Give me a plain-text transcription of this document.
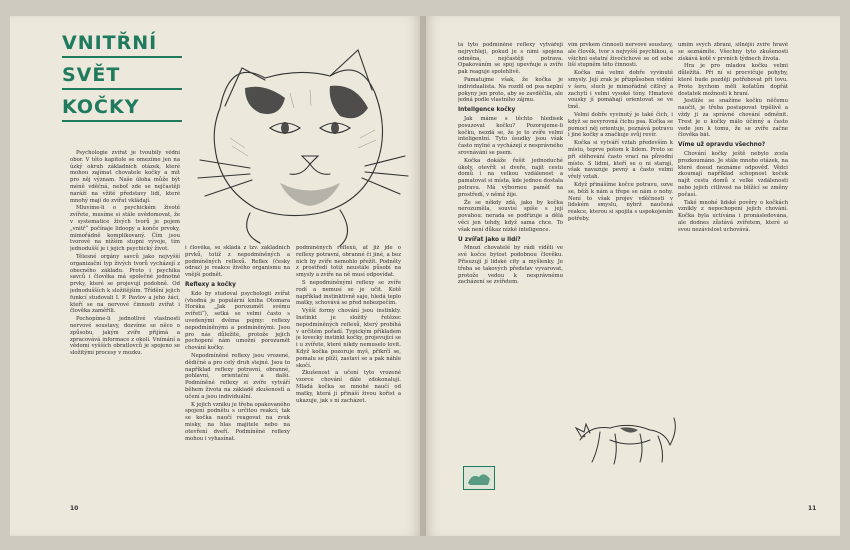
VNITŘNÍ
SVĚT
KOČKY

Psychologie zvířat je tvoubilý vědní obor. V této kapitole se omezíme jen na úzký okruh základních otázek, které mohou zajímat chovatele kočky a mít pro něj význam. Naše úloha může být méně vděčná, neboť zde se nejčastěji naráží na vžité představy lidí, které mnohý mají do zvířat vkládají.

Mluvíme-li o psychickém životě zvířete, musíme si stále uvědomovat, že v systematice živých tvorů je pojem „vnitř“ počínaje lidoopy a konče prvoky, mimořádně komplikovaný. Čím jsou tvorové na nižším stupni vývoje, tím jednodušší je i jejich psychický život.

Tělesné orgány savců jako nejvyšší organizační typ živých tvorů vycházejí z obecného základu. Proto i psychika savců i člověka má společné jednotné prvky, které se projevují podobně. Od jednodušších k složitějším. Třídění jejich funkcí studovali I. P. Pavlov a jeho žáci, kteří se na nervové činnosti zvířat i člověka zaměřili.

Pochopíme-li jednotlivé vlastnosti nervové soustavy, dozvíme se něco o způsobu, jakým zvíře přijímá a zpracovává informace z okolí. Vnímání a vědomí vyšších obratlovců je spojeno se složitými procesy v mozku.

i člověka, se skládá z tzv. základních prvků, totiž z nepodmíněných a podmíněných reflexů. Reflex (česky odraz) je reakce živého organismu na vnější podnět.

Reflexy a kočky

Kdo by studoval psychologii zvířat (vhodná je populární kniha Otomara Horáka „Jak porozumět svému zvířeti“), setká se velmi často s uvedenými dvěma pojmy: reflexy nepodmíněnými a podmíněnými. Jsou pro nás důležité, protože jejich pochopení nám umožní porozumět chování kočky.

Nepodmíněné reflexy jsou vrozené, dědičné a pro celý druh stejné. Jsou to například reflexy potravní, obranné, pohlavní, orientační a další. Podmíněné reflexy si zvíře vytváří během života na základě zkušeností a učení a jsou individuální.

K jejich vzniku je třeba opakovaného spojení podnětu s určitou reakcí; tak se kočka naučí reagovat na zvuk misky, na hlas majitele nebo na otevření dveří. Podmíněné reflexy mohou i vyhasínat.

podmíněných reflexů, ať již jde o reflexy potravní, obranné či jiné, a bez nich by zvíře nemohlo přežít. Podněty z prostředí totiž neustále působí na smysly a zvíře na ně musí odpovídat.

S nepodmíněnými reflexy se zvíře rodí a nemusí se je učit. Kotě například instinktivně saje, hledá teplo matky, schovává se před nebezpečím.

Vyšší formy chování jsou instinkty. Instinkt je složitý řetězec nepodmíněných reflexů, který probíhá v určitém pořadí. Typickým příkladem je lovecký instinkt kočky, projevující se i u zvířete, které nikdy nemuselo lovit. Když kočka pozoruje myš, přikrčí se, pomalu se plíží, zastaví se a pak náhle skočí.

Zkušenost a učení tyto vrozené vzorce chování dále zdokonalují. Mladá kočka se mnohé naučí od matky, která jí přináší živou kořist a ukazuje, jak s ní zacházet.

10

ta tyto podmíněné reflexy vytvářejí nejrychleji, pokud je s nimi spojena odměna, nejčastěji potrava. Opakováním se spoj upevňuje a zvíře pak reaguje spolehlivě.

Pamatujme však, že kočka je individualista. Na rozdíl od psa neplní pokyny jen proto, aby se zavděčila, ale jedná podle vlastního zájmu.

Inteligence kočky

Jak máme s těchto hledisek posuzovat kočku? Pozorujeme-li kočku, nezdá se, že je to zvíře velmi inteligentní. Tyto úsudky jsou však často mylné a vycházejí z nesprávného srovnávání se psem.

Kočka dokáže řešit jednoduché úkoly, otevřít si dveře, najít cestu domů i na velkou vzdálenost a pamatovat si místa, kde jednou dostala potravu. Má výbornou paměť na prostředí, v němž žije.

Že se někdy zdá, jako by kočka nerozuměla, souvisí spíše s její povahou: nerada se podřizuje a dělá věci jen tehdy, když sama chce. To však není důkaz nízké inteligence.

U zvířat jako u lidí?

Mnozí chovatelé by rádi viděli ve své kočce bytost podobnou člověku. Přisuzují jí lidské city a myšlenky. Je třeba se takových představ vyvarovat, protože vedou k nesprávnému zacházení se zvířetem.

vím prvkem činnosti nervové soustavy, ale člověk, tvor s nejvyšší psychikou, a všichni ostatní živočichové se od sebe liší stupněm této činnosti.

Kočka má velmi dobře vyvinuté smysly. Její zrak je přizpůsoben vidění v šeru, sluch je mimořádně citlivý a zachytí i velmi vysoké tóny. Hmatové vousky jí pomáhají orientovat se ve tmě.

Velmi dobře vyvinutý je také čich, i když se nevyrovná čichu psa. Kočka se pomocí něj orientuje, poznává potravu i jiné kočky a značkuje svůj revír.

Kočka si vytváří vztah především k místu, teprve potom k lidem. Proto se při stěhování často vrací na původní místo. S lidmi, kteří se o ni starají, však navazuje pevný a často velmi vřelý vztah.

Když přinášíme kočce potravu, ozve se, běží k nám a třepe se nám o nohy. Není to však projev vděčnosti v lidském smyslu, nýbrž naučená reakce, kterou si spojila s uspokojením potřeby.

umím svých zbraní, silnější zvíře hravě se seznámíte. Všechny tyto zkušenosti získává kotě v prvních týdnech života.

Hra je pro mladou kočku velmi důležitá. Při ní si procvičuje pohyby, které bude později potřebovat při lovu. Proto bychom měli koťatům dopřát dostatek možnosti k hraní.

Jestliže se snažíme kočku něčemu naučit, je třeba postupovat trpělivě a vždy ji za správné chování odměnit. Trest je u kočky málo účinný a často vede jen k tomu, že se zvíře začne člověka bát.

Víme už opravdu všechno?

Chování kočky ještě nebylo zcela prozkoumáno. Je stále mnoho otázek, na které dosud neznáme odpověď. Vědci zkoumají například schopnost koček najít cestu domů z velké vzdálenosti nebo jejich citlivost na blížící se změny počasí.

Také mnohé lidské pověry o kočkách vznikly z nepochopení jejich chování. Kočka byla uctívána i pronásledována, ale dodnes zůstává zvířetem, které si svou nezávislost uchovává.

11
